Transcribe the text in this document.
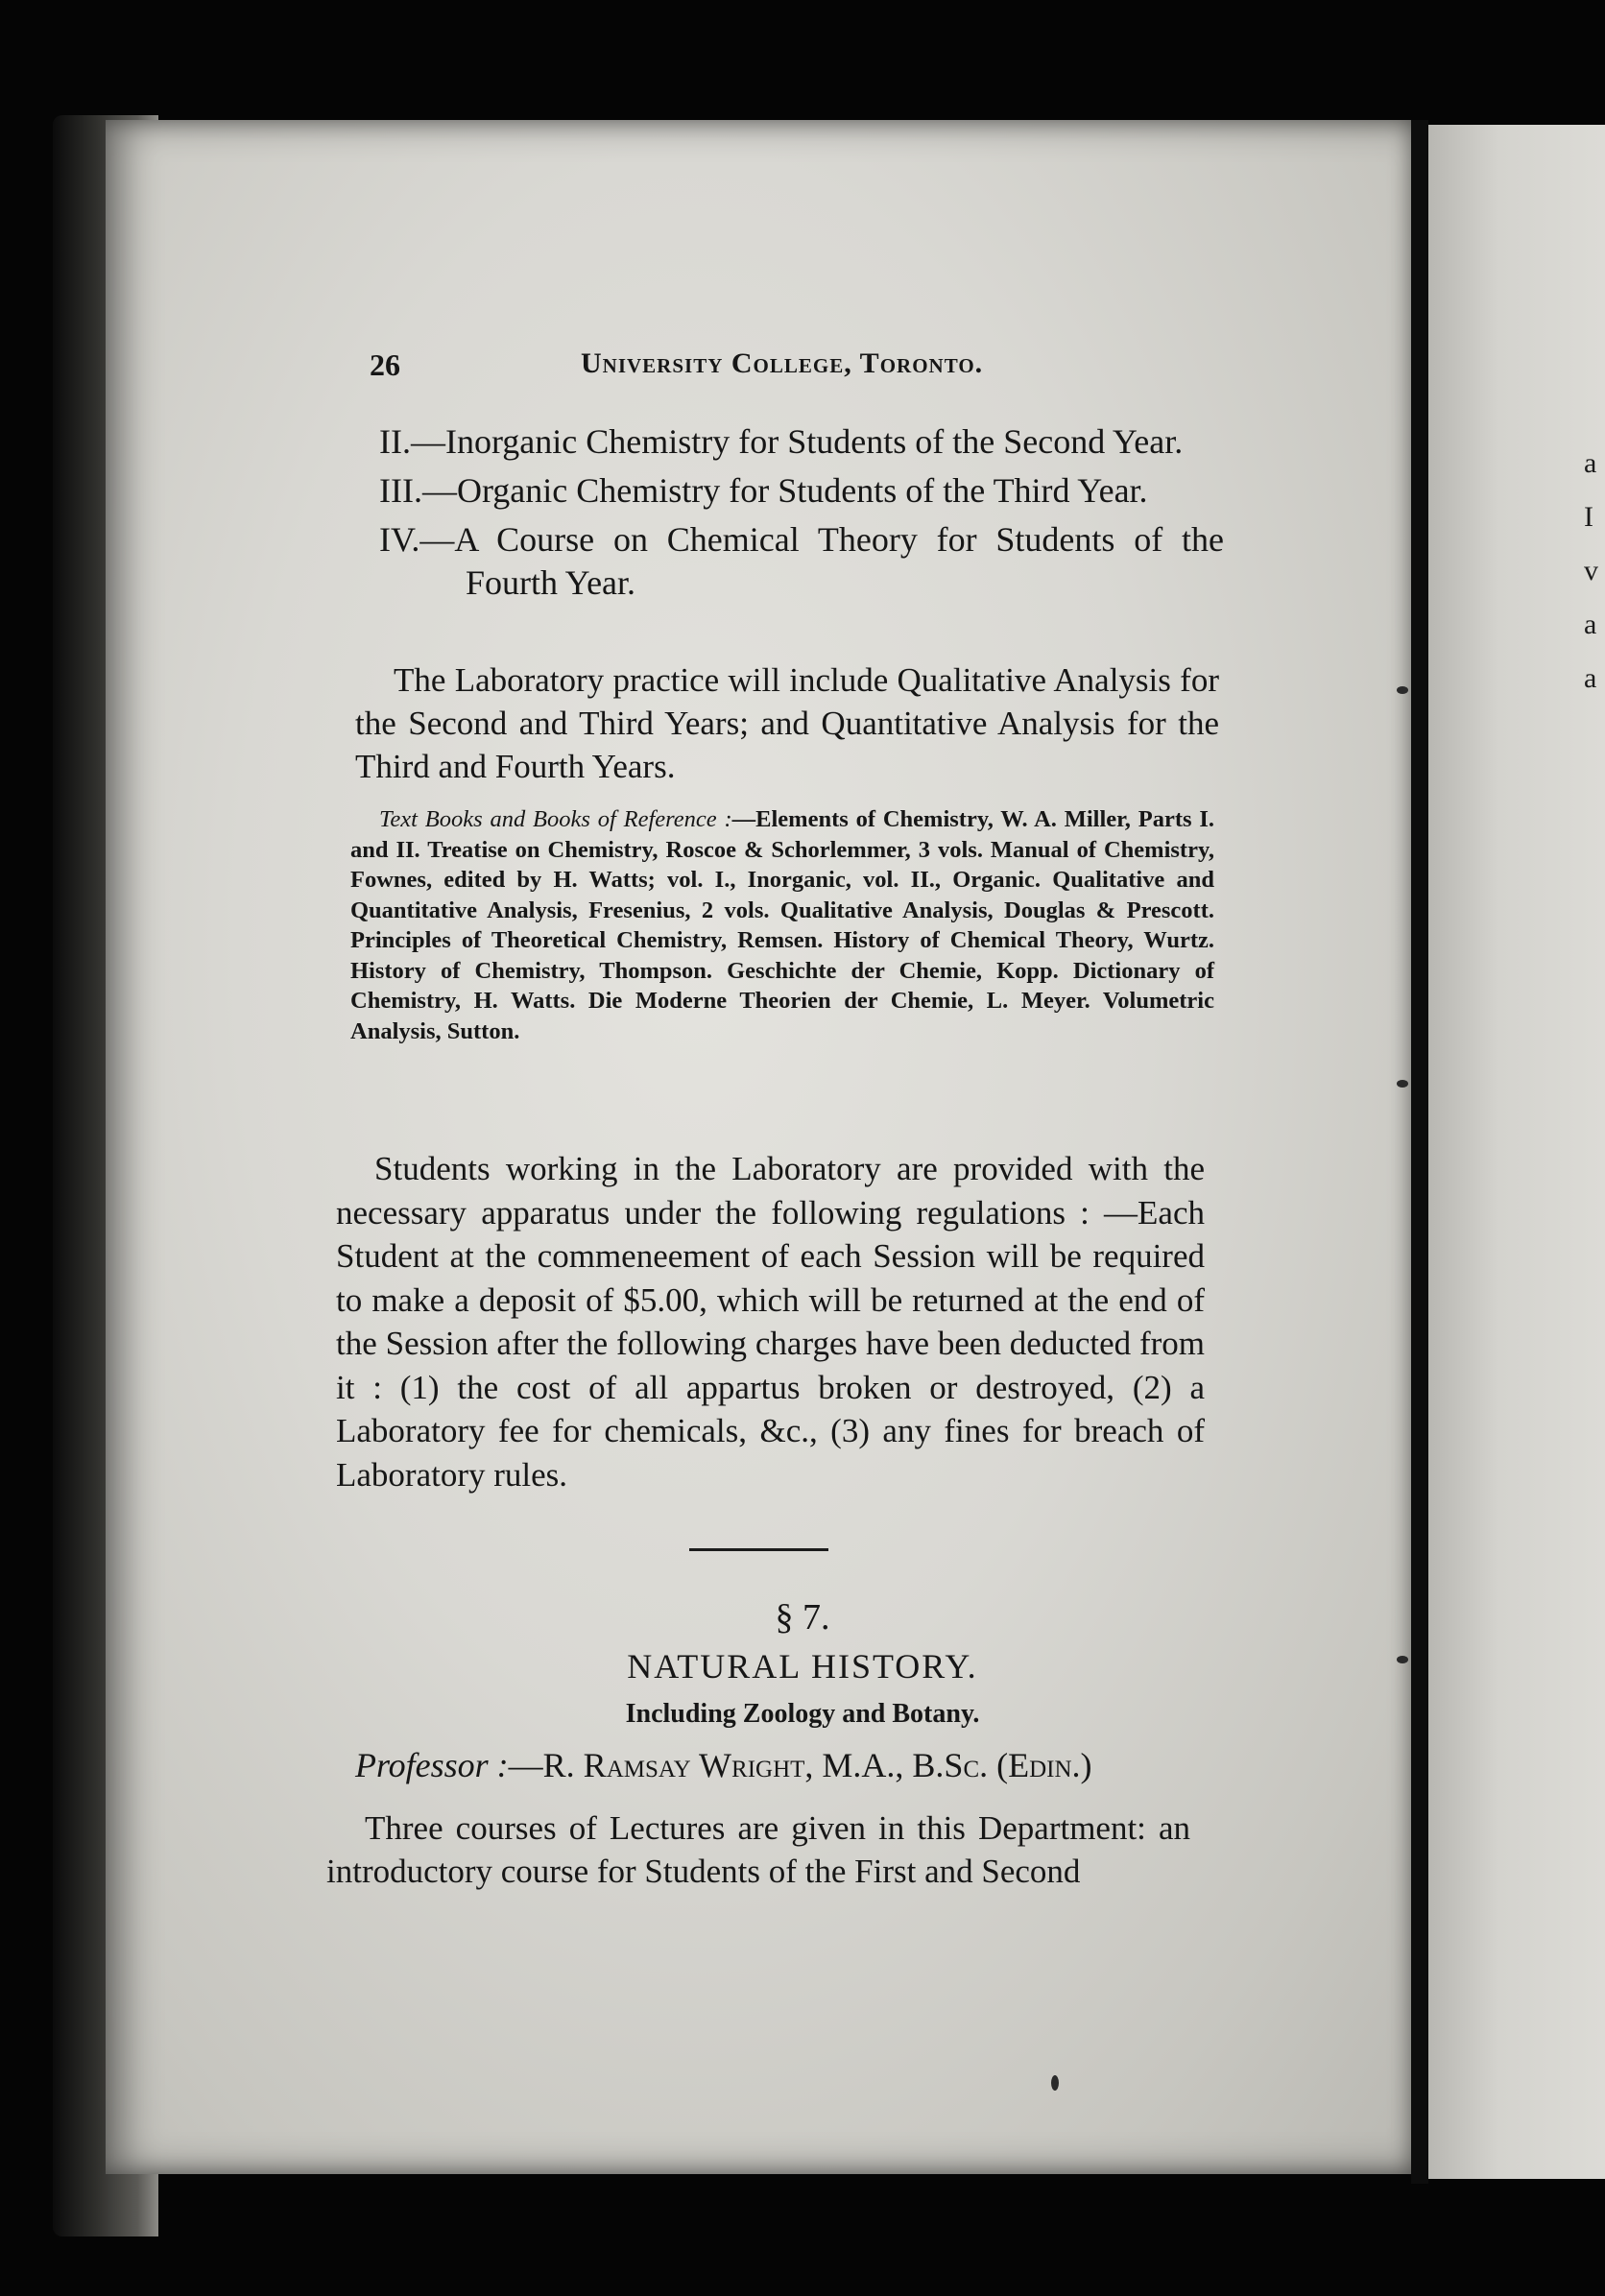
a
I
v
a
a
26	University College, Toronto.
II.—Inorganic Chemistry for Students of the Second Year.
III.—Organic Chemistry for Students of the Third Year.
IV.—A Course on Chemical Theory for Students of the Fourth Year.
The Laboratory practice will include Qualitative Analysis for the Second and Third Years; and Quantitative Analysis for the Third and Fourth Years.
Text Books and Books of Reference :—Elements of Chemistry, W. A. Miller, Parts I. and II. Treatise on Chemistry, Roscoe & Schorlemmer, 3 vols. Manual of Chemistry, Fownes, edited by H. Watts; vol. I., Inorganic, vol. II., Organic. Qualitative and Quantitative Analysis, Fresenius, 2 vols. Qualitative Analysis, Douglas & Prescott. Principles of Theoretical Chemistry, Remsen. History of Chemical Theory, Wurtz. History of Chemistry, Thompson. Geschichte der Chemie, Kopp. Dictionary of Chemistry, H. Watts. Die Moderne Theorien der Chemie, L. Meyer. Volumetric Analysis, Sutton.
Students working in the Laboratory are provided with the necessary apparatus under the following regulations : —Each Student at the commeneement of each Session will be required to make a deposit of $5.00, which will be returned at the end of the Session after the following charges have been deducted from it : (1) the cost of all appartus broken or destroyed, (2) a Laboratory fee for chemicals, &c., (3) any fines for breach of Laboratory rules.
§ 7.
NATURAL HISTORY.
Including Zoology and Botany.
Professor :—R. Ramsay Wright, M.A., B.Sc. (Edin.)
Three courses of Lectures are given in this Department: an introductory course for Students of the First and Second
